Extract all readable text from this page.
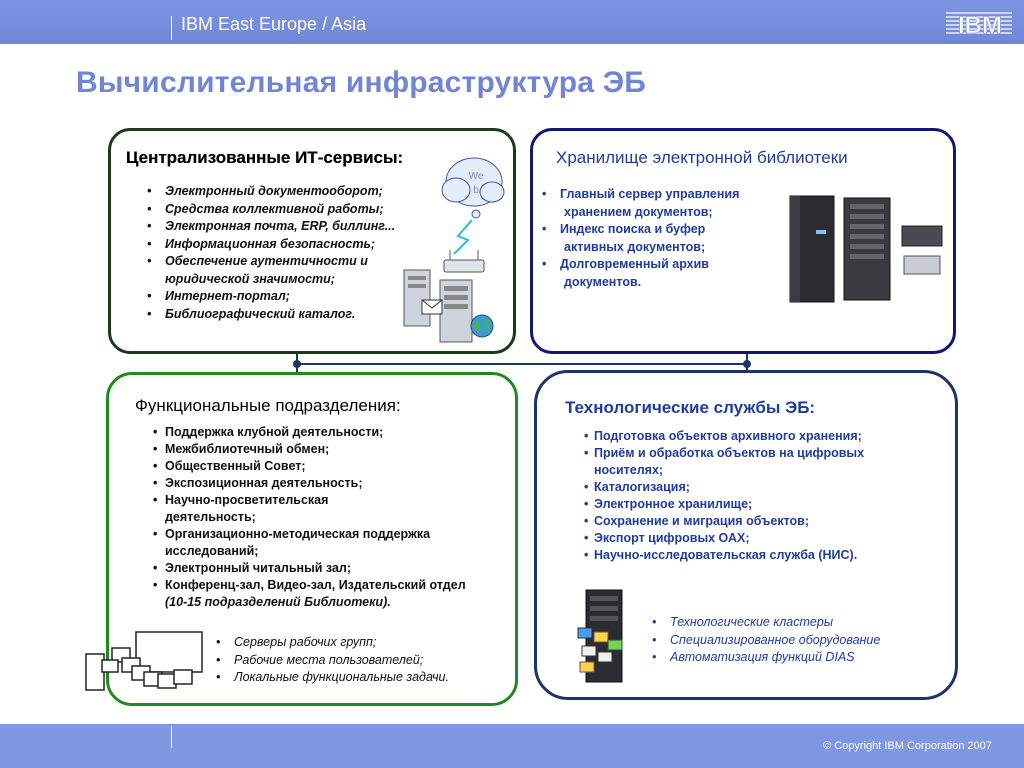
IBM East Europe / Asia	IBM
Вычислительная инфраструктура ЭБ
Централизованные ИТ-сервисы:
• Электронный документооборот;
• Средства коллективной работы;
• Электронная почта, ERP, биллинг...
• Информационная безопасность;
• Обеспечение аутентичности и
юридической значимости;
• Интернет-портал;
• Библиографический каталог.
We
b
Хранилище электронной библиотеки
• Главный сервер управления
хранением документов;
• Индекс поиска и буфер
активных документов;
• Долговременный архив
документов.
Функциональные подразделения:
• Поддержка клубной деятельности;
• Межбиблиотечный обмен;
• Общественный Совет;
• Экспозиционная деятельность;
• Научно-просветительская
деятельность;
• Организационно-методическая поддержка
исследований;
• Электронный читальный зал;
• Конференц-зал, Видео-зал, Издательский отдел
(10-15 подразделений Библиотеки).
• Серверы рабочих групп;
• Рабочие места пользователей;
• Локальные функциональные задачи.
Технологические службы ЭБ:
• Подготовка объектов архивного хранения;
• Приём и обработка объектов на цифровых
носителях;
• Каталогизация;
• Электронное хранилище;
• Сохранение и миграция объектов;
• Экспорт цифровых ОАХ;
• Научно-исследовательская служба (НИС).
• Технологические кластеры
• Специализированное оборудование
• Автоматизация функций DIAS
© Copyright IBM Corporation 2007
